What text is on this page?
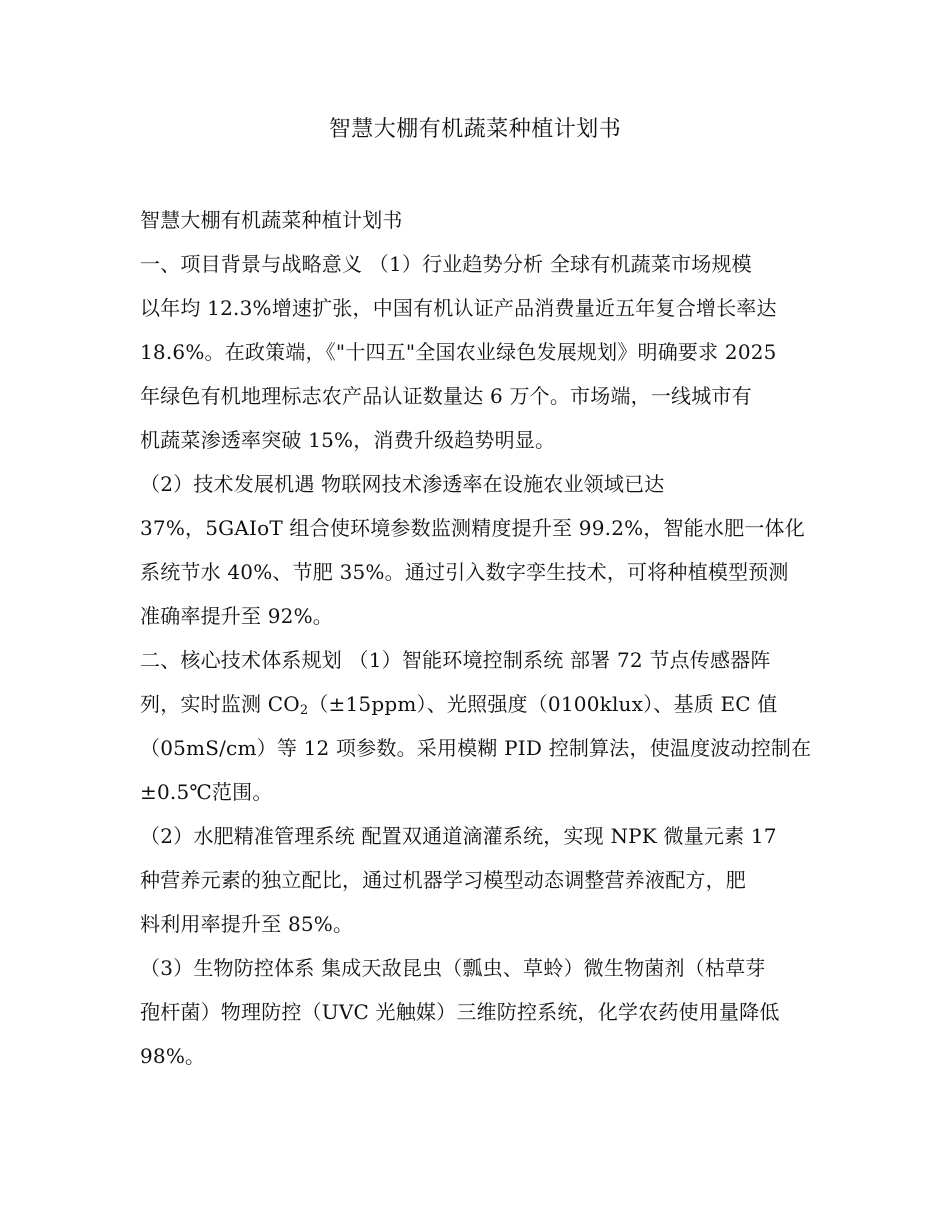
智慧大棚有机蔬菜种植计划书
智慧大棚有机蔬菜种植计划书
一、项目背景与战略意义 （1）行业趋势分析 全球有机蔬菜市场规模
以年均 12.3%增速扩张，中国有机认证产品消费量近五年复合增长率达
18.6%。在政策端，《"十四五"全国农业绿色发展规划》明确要求 2025
年绿色有机地理标志农产品认证数量达 6 万个。市场端，一线城市有
机蔬菜渗透率突破 15%，消费升级趋势明显。
（2）技术发展机遇 物联网技术渗透率在设施农业领域已达
37%，5GAIoT 组合使环境参数监测精度提升至 99.2%，智能水肥一体化
系统节水 40%、节肥 35%。通过引入数字孪生技术，可将种植模型预测
准确率提升至 92%。
二、核心技术体系规划 （1）智能环境控制系统 部署 72 节点传感器阵
列，实时监测 $CO_2(\pm 15ppm)$、光照强度（0100klux）、基质 EC 值
（05mS/cm）等 12 项参数。采用模糊 PID 控制算法，使温度波动控制在
±0.5℃范围。
（2）水肥精准管理系统 配置双通道滴灌系统，实现 NPK 微量元素 17
种营养元素的独立配比，通过机器学习模型动态调整营养液配方，肥
料利用率提升至 85%。
（3）生物防控体系 集成天敌昆虫（瓢虫、草蛉）微生物菌剂（枯草芽
孢杆菌）物理防控（UVC 光触媒）三维防控系统，化学农药使用量降低
98%。
